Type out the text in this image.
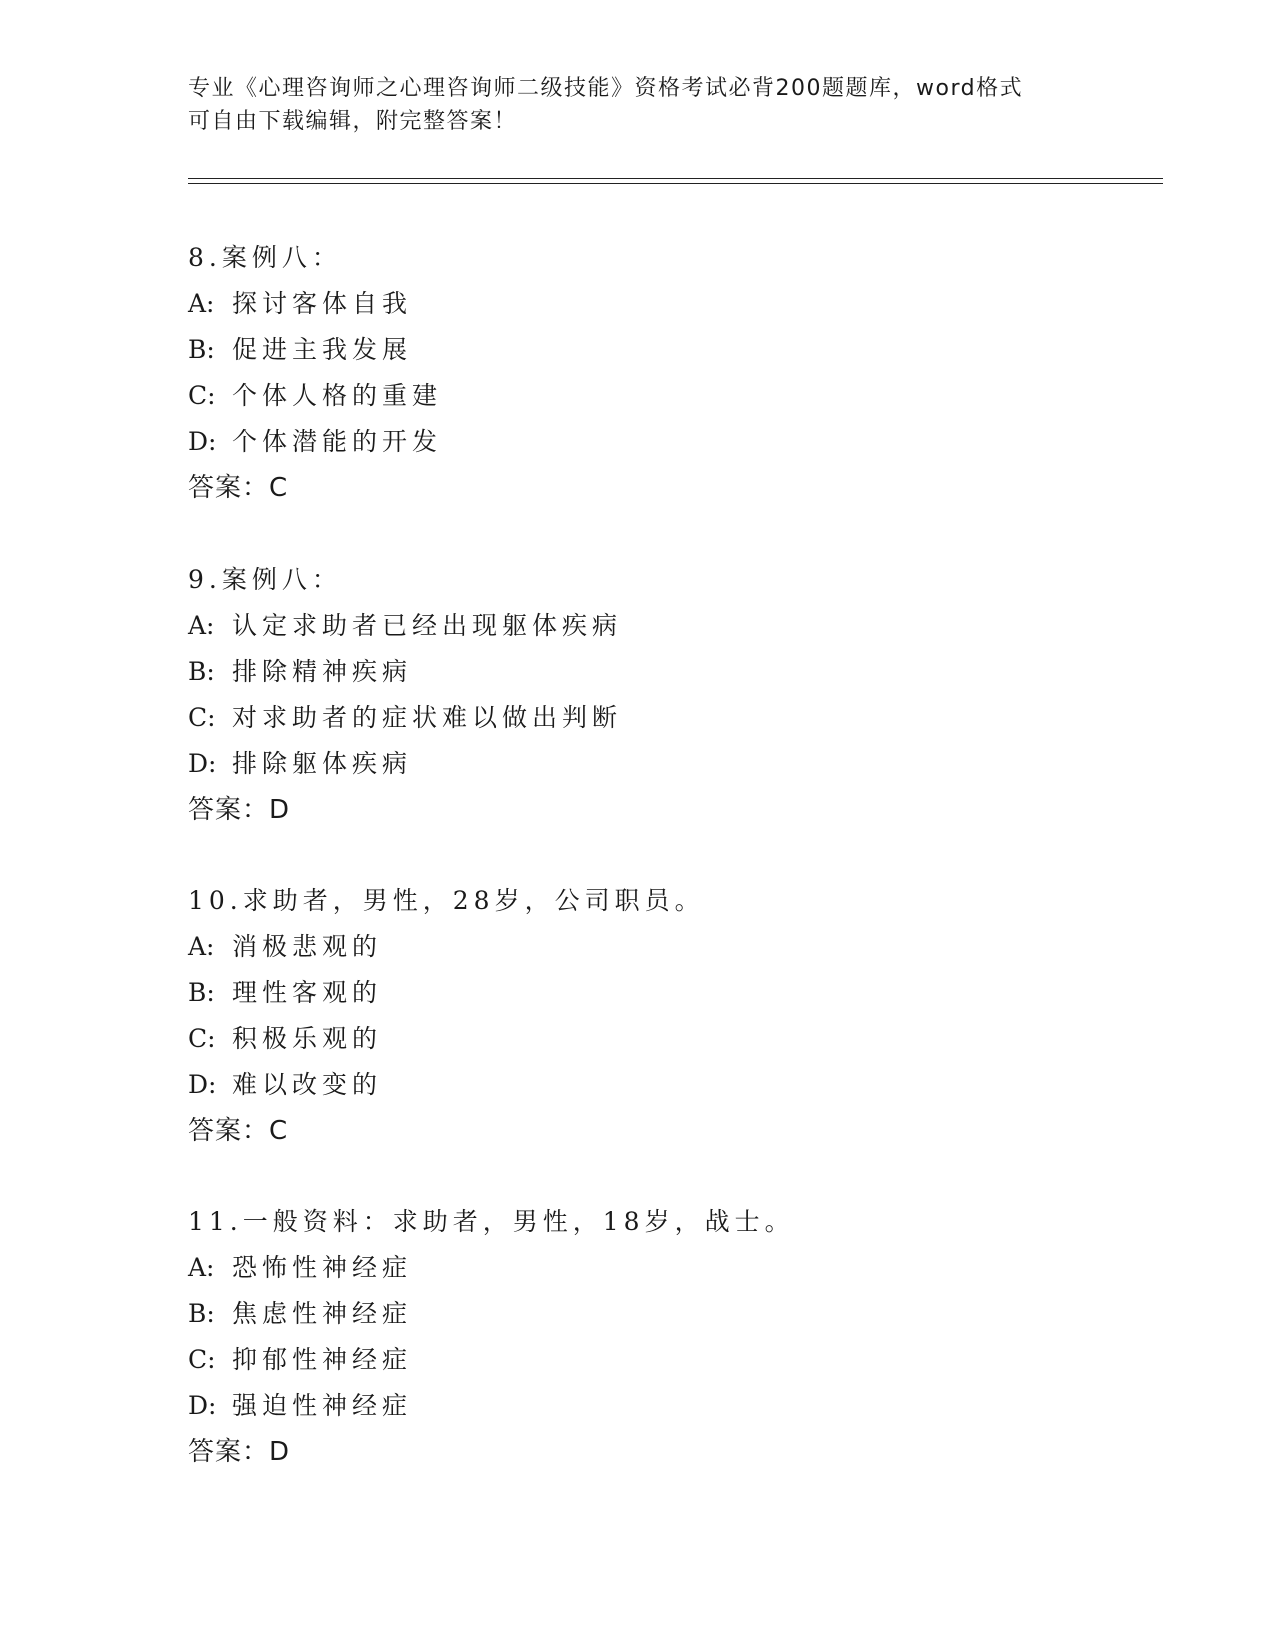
专业《心理咨询师之心理咨询师二级技能》资格考试必背200题题库，word格式
可自由下载编辑，附完整答案！
8.案例八：
A: 探讨客体自我
B: 促进主我发展
C: 个体人格的重建
D: 个体潜能的开发
答案：C
9.案例八：
A: 认定求助者已经出现躯体疾病
B: 排除精神疾病
C: 对求助者的症状难以做出判断
D: 排除躯体疾病
答案：D
10.求助者，男性，28岁，公司职员。
A: 消极悲观的
B: 理性客观的
C: 积极乐观的
D: 难以改变的
答案：C
11.一般资料：求助者，男性，18岁，战士。
A: 恐怖性神经症
B: 焦虑性神经症
C: 抑郁性神经症
D: 强迫性神经症
答案：D
